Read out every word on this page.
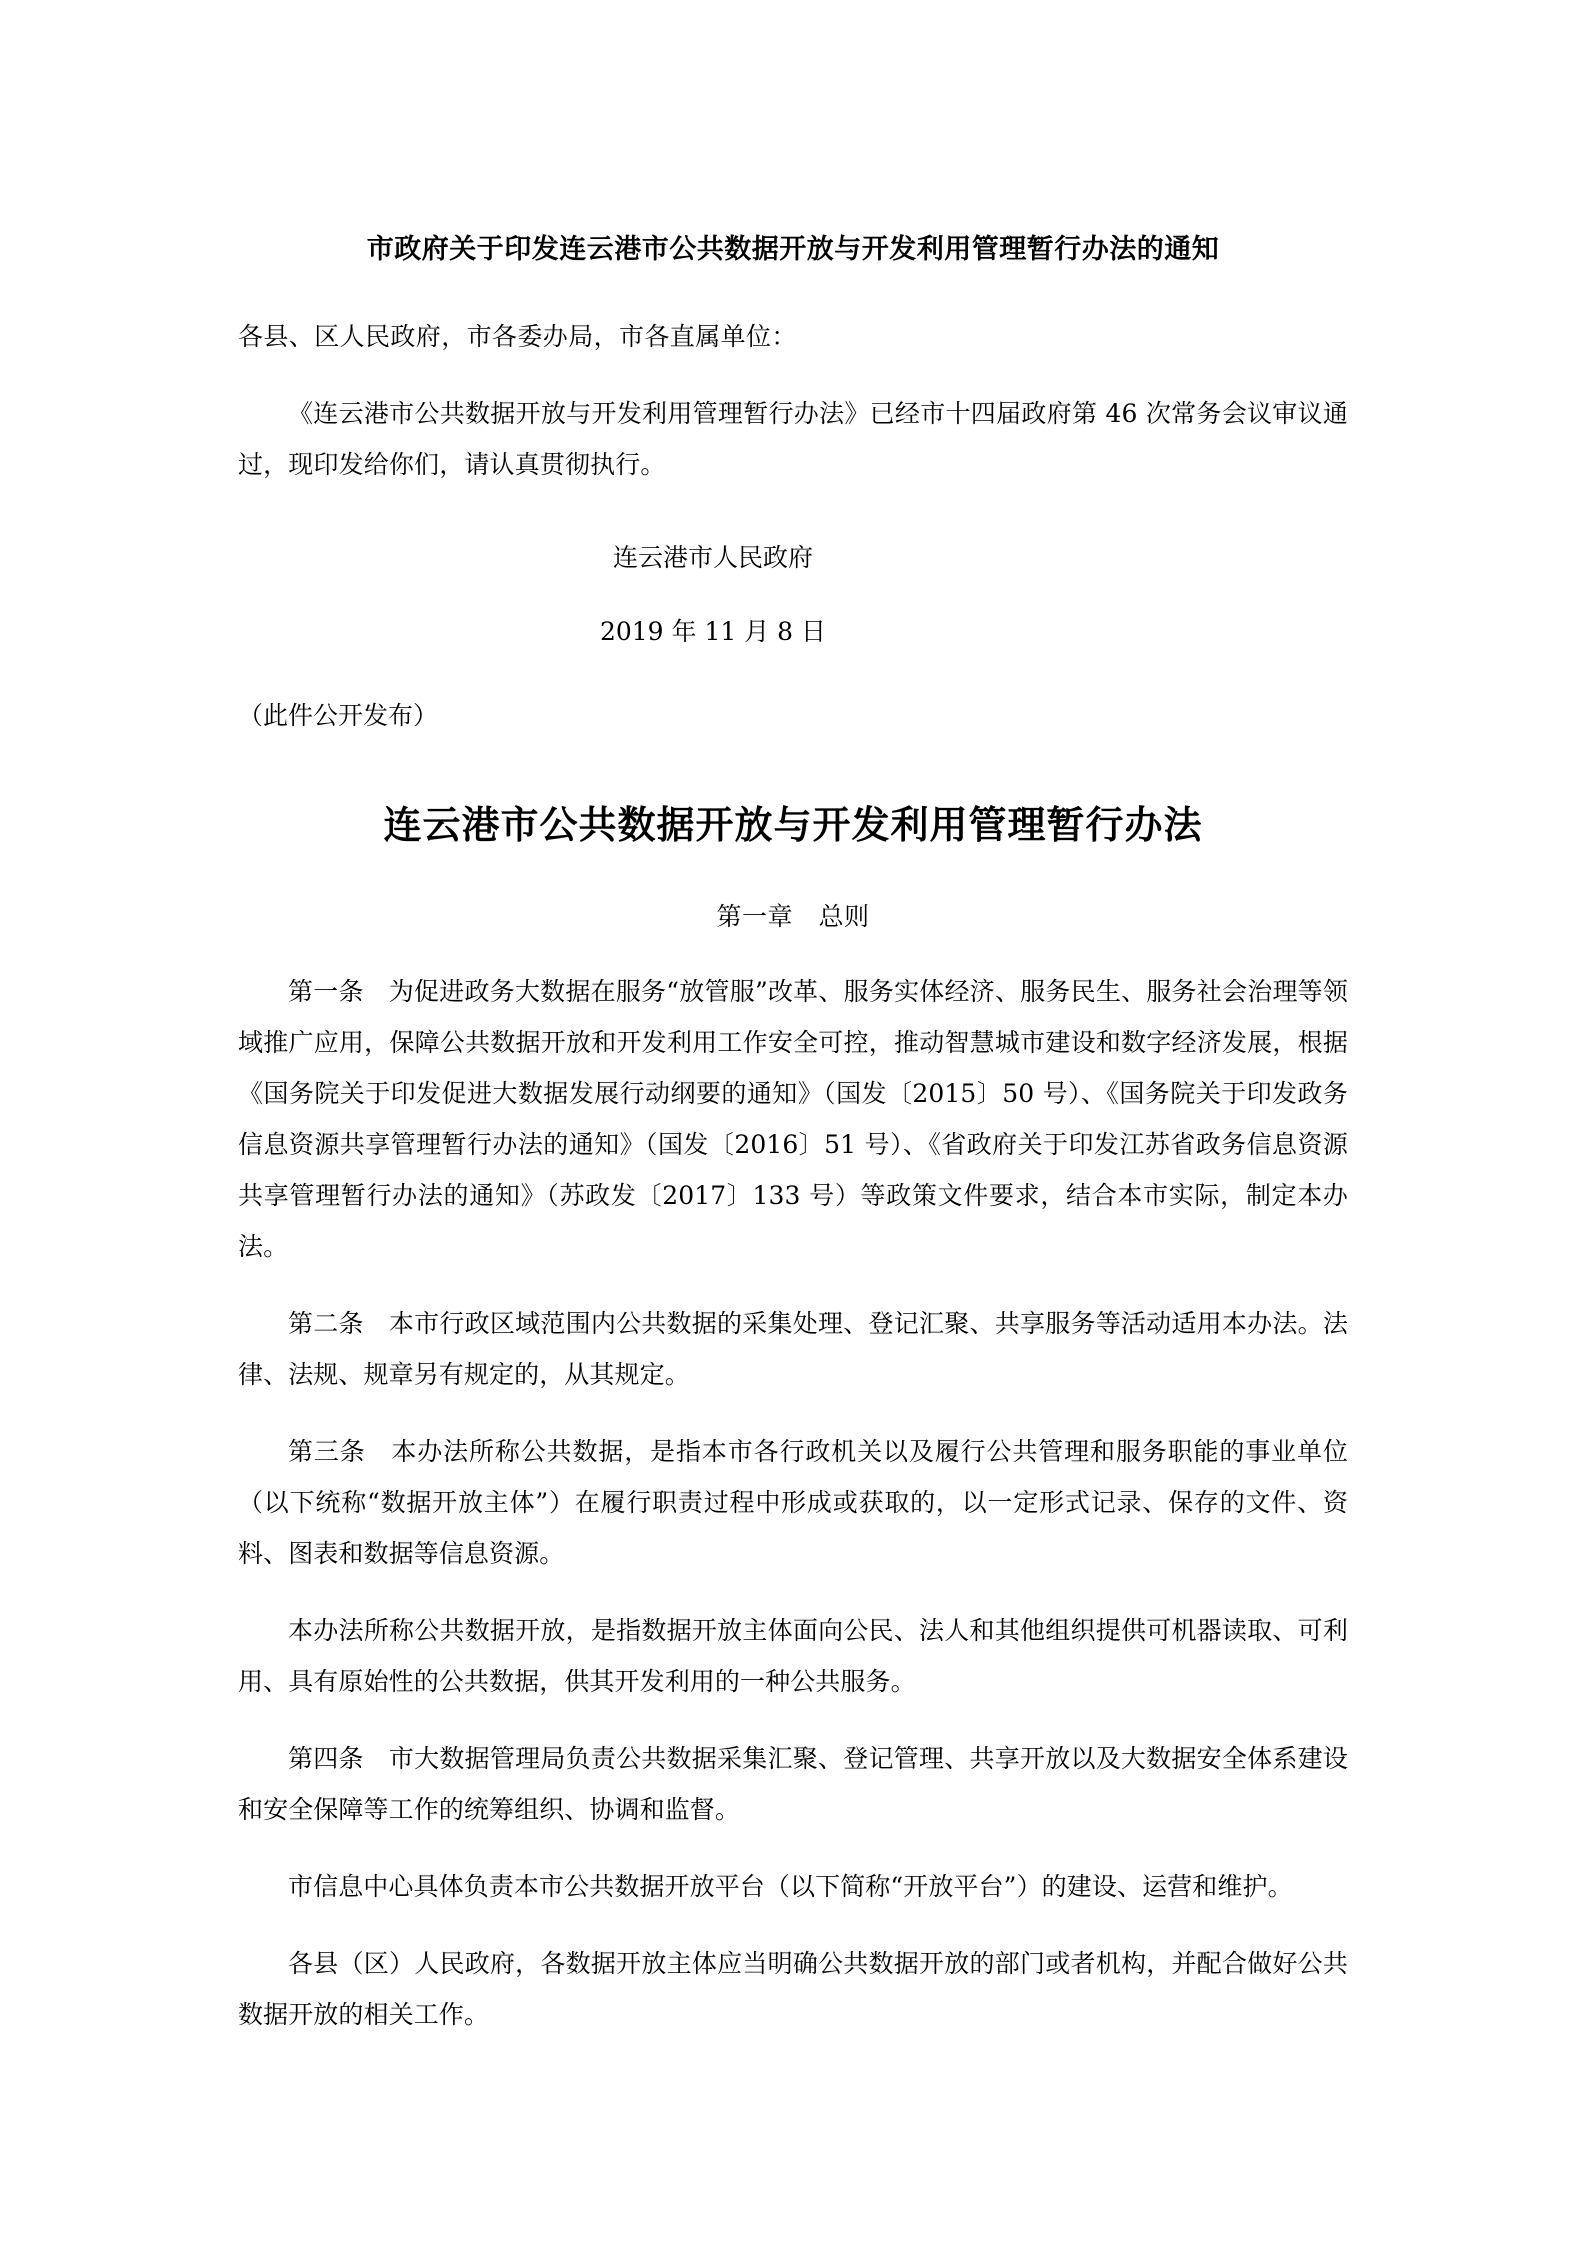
市政府关于印发连云港市公共数据开放与开发利用管理暂行办法的通知

各县、区人民政府，市各委办局，市各直属单位：

《连云港市公共数据开放与开发利用管理暂行办法》已经市十四届政府第 46 次常务会议审议通过，现印发给你们，请认真贯彻执行。

连云港市人民政府

2019 年 11 月 8 日

（此件公开发布）

连云港市公共数据开放与开发利用管理暂行办法

第一章　总则

第一条 为促进政务大数据在服务“放管服”改革、服务实体经济、服务民生、服务社会治理等领域推广应用，保障公共数据开放和开发利用工作安全可控，推动智慧城市建设和数字经济发展，根据《国务院关于印发促进大数据发展行动纲要的通知》（国发〔2015〕50 号）、《国务院关于印发政务信息资源共享管理暂行办法的通知》（国发〔2016〕51 号）、《省政府关于印发江苏省政务信息资源共享管理暂行办法的通知》（苏政发〔2017〕133 号）等政策文件要求，结合本市实际，制定本办法。

第二条 本市行政区域范围内公共数据的采集处理、登记汇聚、共享服务等活动适用本办法。法律、法规、规章另有规定的，从其规定。

第三条 本办法所称公共数据，是指本市各行政机关以及履行公共管理和服务职能的事业单位（以下统称“数据开放主体”）在履行职责过程中形成或获取的，以一定形式记录、保存的文件、资料、图表和数据等信息资源。

本办法所称公共数据开放，是指数据开放主体面向公民、法人和其他组织提供可机器读取、可利用、具有原始性的公共数据，供其开发利用的一种公共服务。

第四条 市大数据管理局负责公共数据采集汇聚、登记管理、共享开放以及大数据安全体系建设和安全保障等工作的统筹组织、协调和监督。

市信息中心具体负责本市公共数据开放平台（以下简称“开放平台”）的建设、运营和维护。

各县（区）人民政府，各数据开放主体应当明确公共数据开放的部门或者机构，并配合做好公共数据开放的相关工作。
